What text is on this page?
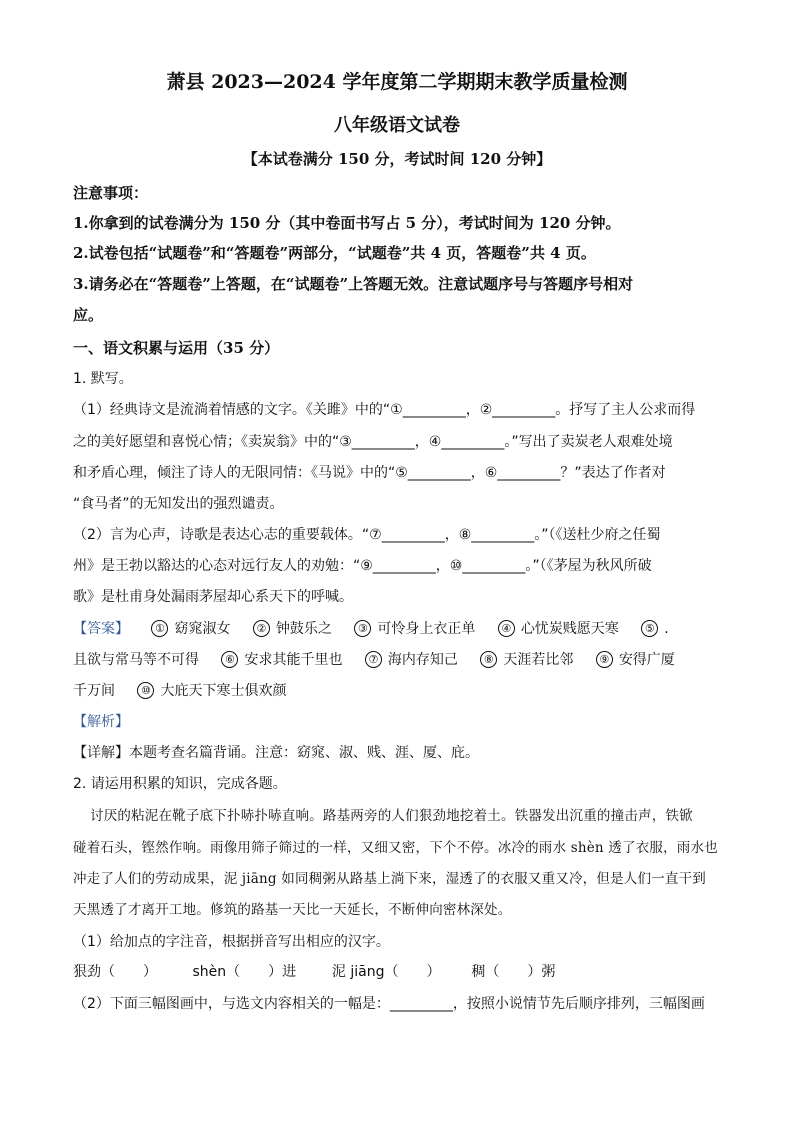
萧县 2023—2024 学年度第二学期期末教学质量检测
八年级语文试卷
【本试卷满分 150 分，考试时间 120 分钟】
注意事项：
1.你拿到的试卷满分为 150 分（其中卷面书写占 5 分），考试时间为 120 分钟。
2.试卷包括“试题卷”和“答题卷”两部分，“试题卷”共 4 页，答题卷”共 4 页。
3.请务必在“答题卷”上答题，在“试题卷”上答题无效。注意试题序号与答题序号相对
应。
一、语文积累与运用（35 分）
1. 默写。
（1）经典诗文是流淌着情感的文字。《关雎》中的“①_________，②_________。抒写了主人公求而得
之的美好愿望和喜悦心情；《卖炭翁》中的“③_________，④_________。”写出了卖炭老人艰难处境
和矛盾心理，倾注了诗人的无限同情：《马说》中的“⑤_________，⑥_________？”表达了作者对
“食马者”的无知发出的强烈谴责。
（2）言为心声，诗歌是表达心志的重要载体。“⑦_________，⑧_________。”（《送杜少府之任蜀
州》是王勃以豁达的心态对远行友人的劝勉：“⑨_________，⑩_________。”（《茅屋为秋风所破
歌》是杜甫身处漏雨茅屋却心系天下的呼喊。
【答案】 ① 窈窕淑女 ② 钟鼓乐之 ③ 可怜身上衣正单 ④ 心忧炭贱愿天寒 ⑤ .
且欲与常马等不可得 ⑥ 安求其能千里也 ⑦ 海内存知己 ⑧ 天涯若比邻 ⑨ 安得广厦
千万间 ⑩ 大庇天下寒士俱欢颜
【解析】
【详解】本题考查名篇背诵。注意：窈窕、淑、贱、涯、厦、庇。
2. 请运用积累的知识，完成各题。
讨厌的粘泥在靴子底下扑哧扑哧直响。路基两旁的人们狠劲地挖着土。铁器发出沉重的撞击声，铁锨
碰着石头，铿然作响。雨像用筛子筛过的一样，又细又密，下个不停。冰冷的雨水 shèn 透了衣服，雨水也
冲走了人们的劳动成果，泥 jiāng 如同稠粥从路基上淌下来，湿透了的衣服又重又冷，但是人们一直干到
天黑透了才离开工地。修筑的路基一天比一天延长，不断伸向密林深处。
（1）给加点的字注音，根据拼音写出相应的汉字。
狠劲（　　）	shèn（　　）进	泥 jiāng（　　） 稠（　　）粥
（2）下面三幅图画中，与选文内容相关的一幅是：_________，按照小说情节先后顺序排列，三幅图画
